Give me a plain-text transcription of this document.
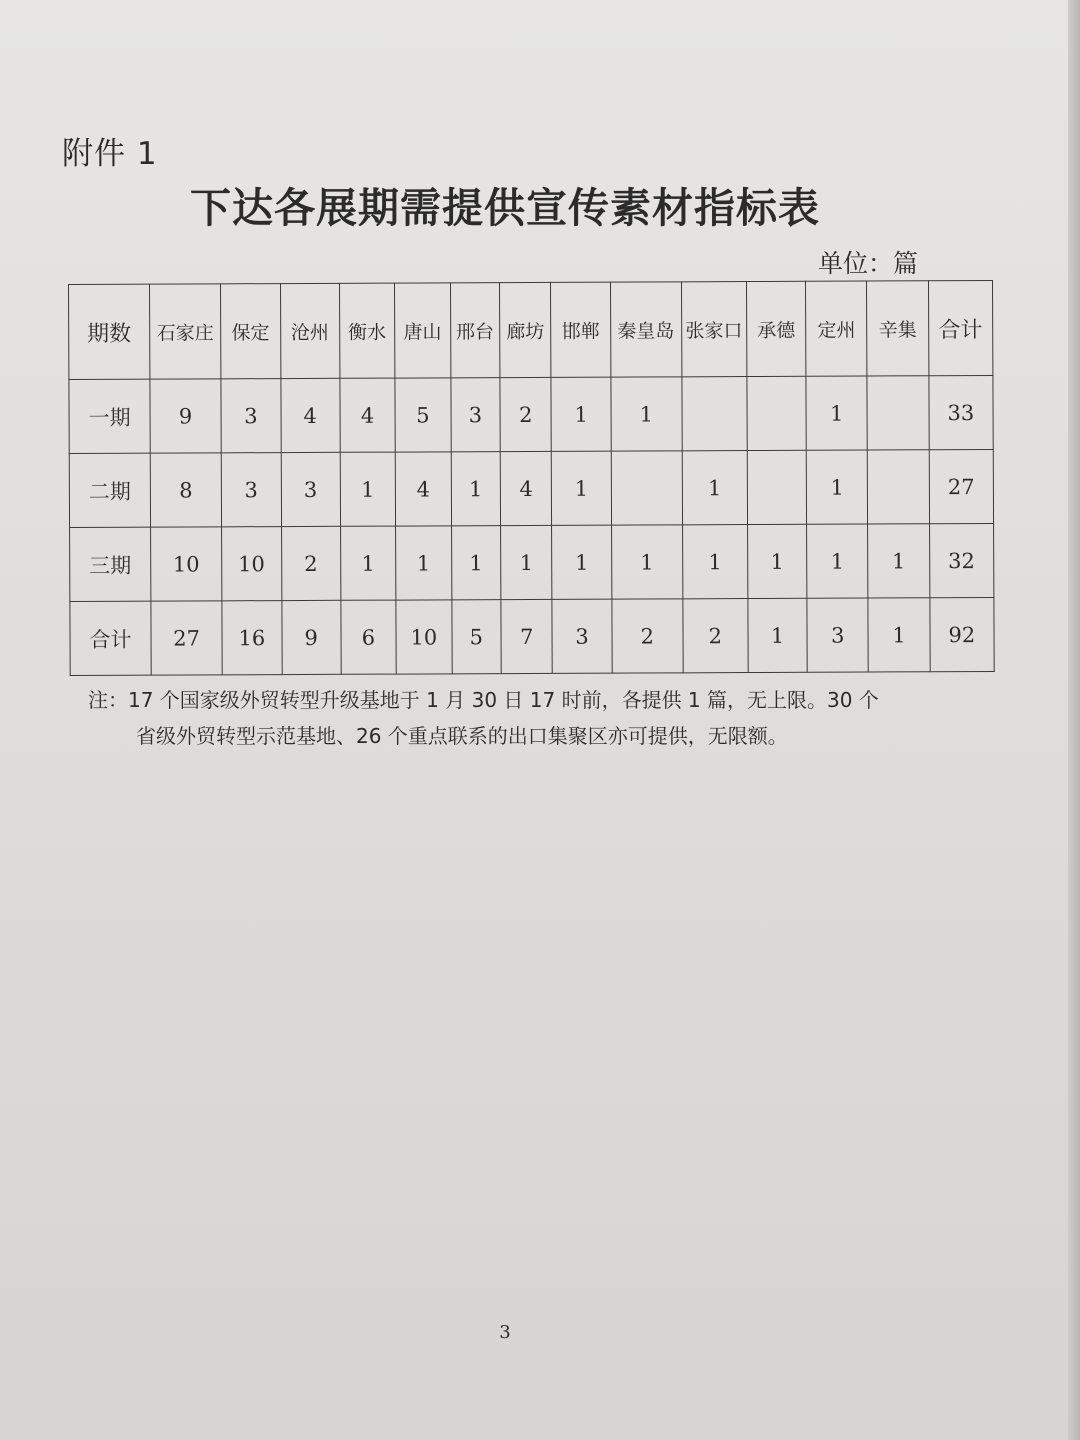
附件 1
下达各展期需提供宣传素材指标表
单位：篇
期数	石家庄	保定	沧州	衡水	唐山	邢台	廊坊	邯郸	秦皇岛	张家口	承德	定州	辛集	合计
一期	9	3	4	4	5	3	2	1	1			1		33
二期	8	3	3	1	4	1	4	1		1		1		27
三期	10	10	2	1	1	1	1	1	1	1	1	1	1	32
合计	27	16	9	6	10	5	7	3	2	2	1	3	1	92
注：17 个国家级外贸转型升级基地于 1 月 30 日 17 时前，各提供 1 篇，无上限。30 个
省级外贸转型示范基地、26 个重点联系的出口集聚区亦可提供，无限额。
3
